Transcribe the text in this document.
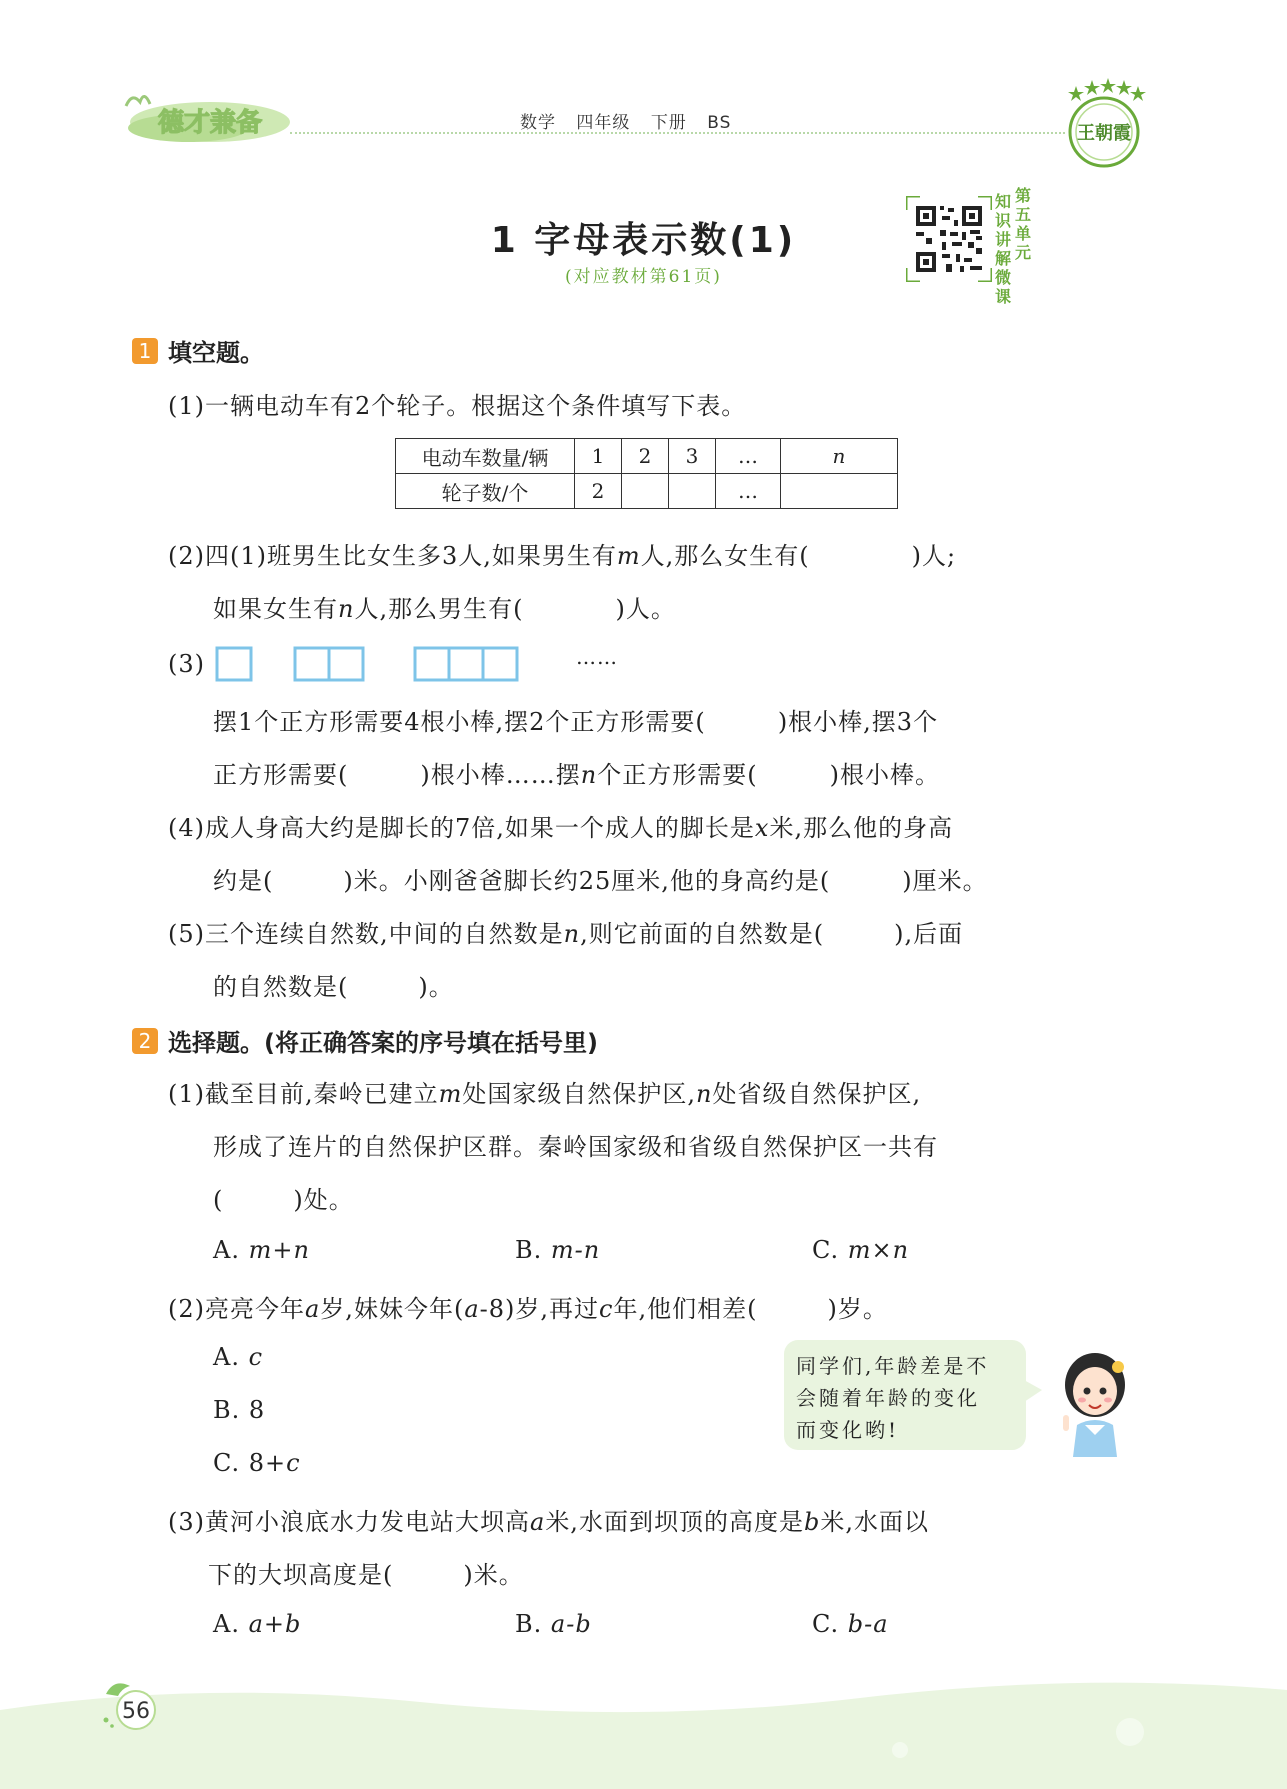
德才兼备	数学 四年级 下册 BS	王朝霞
1 字母表示数(1)
(对应教材第61页)
知识讲解微课
第五单元
1 填空题。
(1)一辆电动车有2个轮子。根据这个条件填写下表。
电动车数量/辆	1	2	3	…	n
轮子数/个	2			…	
(2)四(1)班男生比女生多3人,如果男生有m人,那么女生有(	)人;
如果女生有n人,那么男生有(	)人。
(3)	……
摆1个正方形需要4根小棒,摆2个正方形需要(	)根小棒,摆3个
正方形需要(	)根小棒……摆n个正方形需要(	)根小棒。
(4)成人身高大约是脚长的7倍,如果一个成人的脚长是x米,那么他的身高
约是(	)米。小刚爸爸脚长约25厘米,他的身高约是(	)厘米。
(5)三个连续自然数,中间的自然数是n,则它前面的自然数是(	),后面
的自然数是(	)。
2 选择题。(将正确答案的序号填在括号里)
(1)截至目前,秦岭已建立m处国家级自然保护区,n处省级自然保护区,
形成了连片的自然保护区群。秦岭国家级和省级自然保护区一共有
(	)处。
A. m+n	B. m-n	C. m×n
(2)亮亮今年a岁,妹妹今年(a-8)岁,再过c年,他们相差(	)岁。
A. c
B. 8
C. 8+c
同学们,年龄差是不
会随着年龄的变化
而变化哟!
(3)黄河小浪底水力发电站大坝高a米,水面到坝顶的高度是b米,水面以
下的大坝高度是(	)米。
A. a+b	B. a-b	C. b-a
56
